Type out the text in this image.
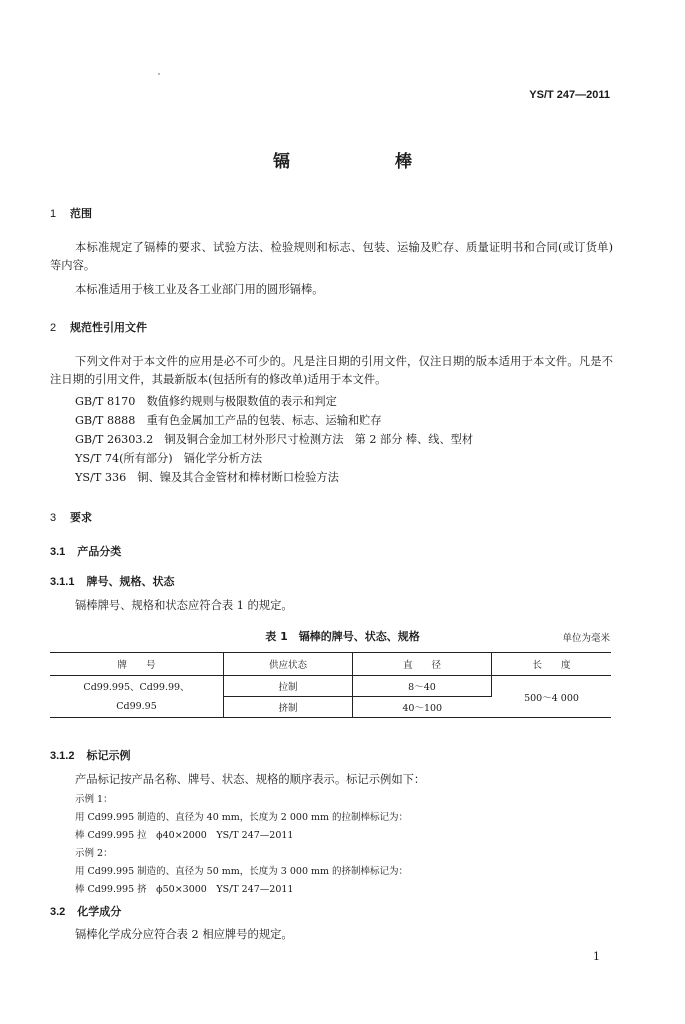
YS/T 247—2011
镉　棒
1 范围
本标准规定了镉棒的要求、试验方法、检验规则和标志、包装、运输及贮存、质量证明书和合同(或订货单)等内容。
本标准适用于核工业及各工业部门用的圆形镉棒。
2 规范性引用文件
下列文件对于本文件的应用是必不可少的。凡是注日期的引用文件，仅注日期的版本适用于本文件。凡是不注日期的引用文件，其最新版本(包括所有的修改单)适用于本文件。
GB/T 8170　数值修约规则与极限数值的表示和判定
GB/T 8888　重有色金属加工产品的包装、标志、运输和贮存
GB/T 26303.2　铜及铜合金加工材外形尺寸检测方法　第 2 部分 棒、线、型材
YS/T 74(所有部分)　镉化学分析方法
YS/T 336　铜、镍及其合金管材和棒材断口检验方法
3 要求
3.1 产品分类
3.1.1 牌号、规格、状态
镉棒牌号、规格和状态应符合表 1 的规定。
表 1　镉棒的牌号、状态、规格	单位为毫米
牌　　号	供应状态	直　　径	长　　度

Cd99.995、Cd99.99、
Cd99.95	拉制	8～40	500～4 000
	挤制	40～100	
3.1.2 标记示例
产品标记按产品名称、牌号、状态、规格的顺序表示。标记示例如下：
示例 1：
用 Cd99.995 制造的、直径为 40 mm，长度为 2 000 mm 的拉制棒标记为：
棒 Cd99.995 拉　ϕ40×2000　YS/T 247—2011
示例 2：
用 Cd99.995 制造的、直径为 50 mm，长度为 3 000 mm 的挤制棒标记为：
棒 Cd99.995 挤　ϕ50×3000　YS/T 247—2011
3.2 化学成分
镉棒化学成分应符合表 2 相应牌号的规定。
1
